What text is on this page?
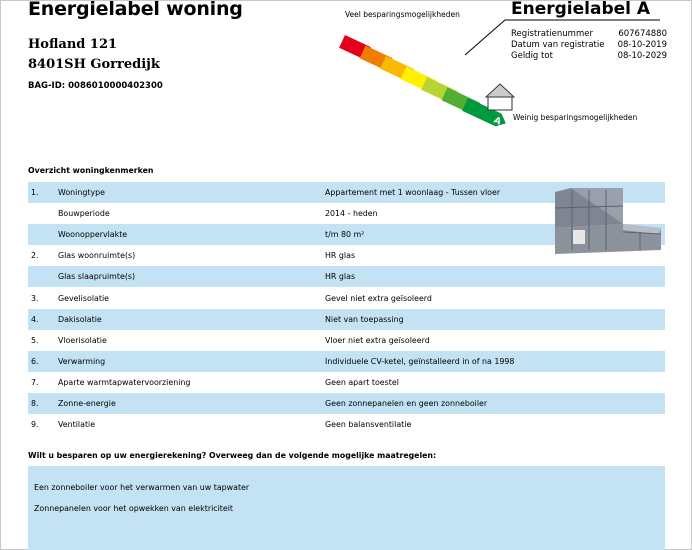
Energielabel woning
Hofland 121
8401SH Gorredijk
BAG-ID: 0086010000402300
A
Veel besparingsmogelijkheden
Weinig besparingsmogelijkheden
Energielabel A
Registratienummer	607674880
Datum van registratie	08-10-2019
Geldig tot	08-10-2029
Overzicht woningkenmerken
1. Woningtype	Appartement met 1 woonlaag - Tussen vloer
Bouwperiode	2014 - heden
Woonoppervlakte	t/m 80 m²
2. Glas woonruimte(s)	HR glas
Glas slaapruimte(s)	HR glas
3. Gevelisolatie	Gevel niet extra geïsoleerd
4. Dakisolatie	Niet van toepassing
5. Vloerisolatie	Vloer niet extra geïsoleerd
6. Verwarming	Individuele CV-ketel, geïnstalleerd in of na 1998
7. Aparte warmtapwatervoorziening	Geen apart toestel
8. Zonne-energie	Geen zonnepanelen en geen zonneboiler
9. Ventilatie	Geen balansventilatie
Wilt u besparen op uw energierekening? Overweeg dan de volgende mogelijke maatregelen:
Een zonneboiler voor het verwarmen van uw tapwater
Zonnepanelen voor het opwekken van elektriciteit
